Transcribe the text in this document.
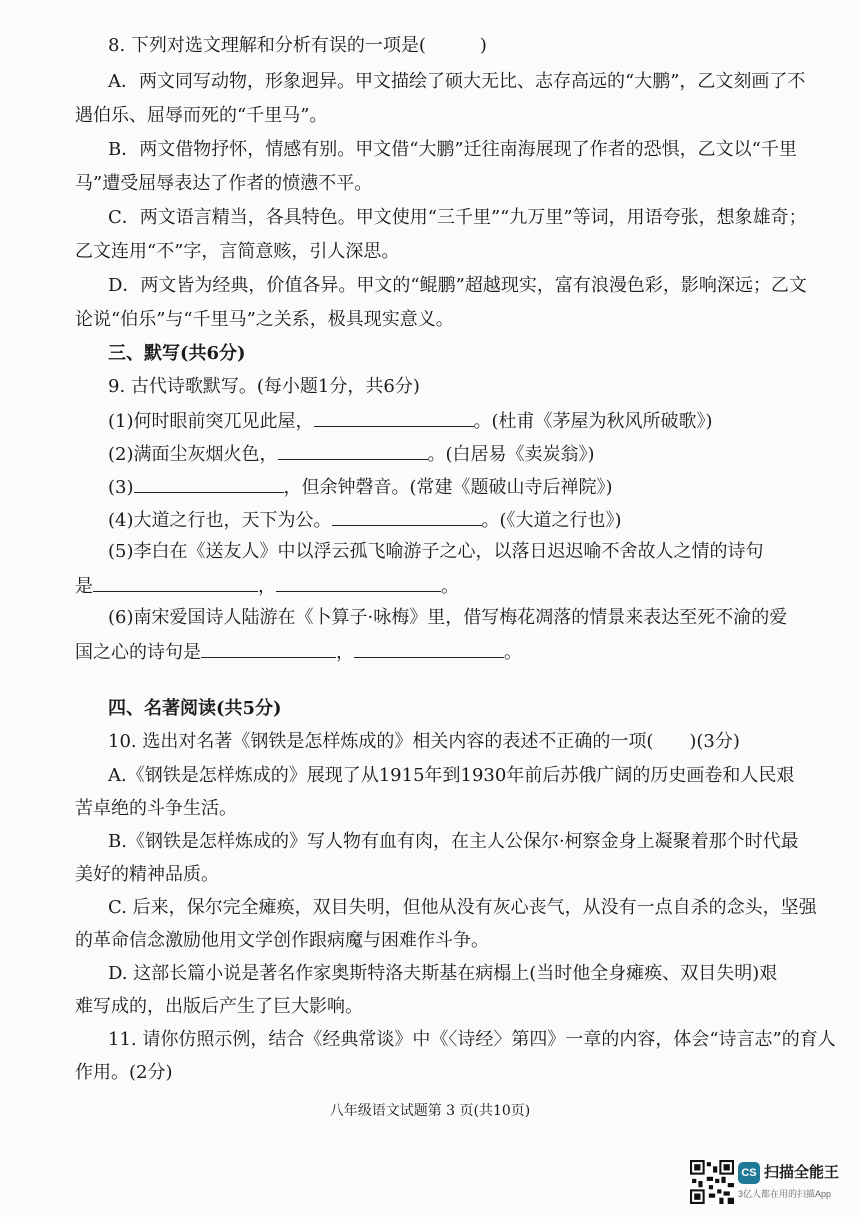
8. 下列对选文理解和分析有误的一项是(　　　)
A．两文同写动物，形象迥异。甲文描绘了硕大无比、志存高远的“大鹏”，乙文刻画了不
遇伯乐、屈辱而死的“千里马”。
B．两文借物抒怀，情感有别。甲文借“大鹏”迁往南海展现了作者的恐惧，乙文以“千里
马”遭受屈辱表达了作者的愤懑不平。
C．两文语言精当，各具特色。甲文使用“三千里”“九万里”等词，用语夸张，想象雄奇；
乙文连用“不”字，言简意赅，引人深思。
D．两文皆为经典，价值各异。甲文的“鲲鹏”超越现实，富有浪漫色彩，影响深远；乙文
论说“伯乐”与“千里马”之关系，极具现实意义。
三、默写(共6分)
9. 古代诗歌默写。(每小题1分，共6分)
(1)何时眼前突兀见此屋，	。(杜甫《茅屋为秋风所破歌》)
(2)满面尘灰烟火色，	。(白居易《卖炭翁》)
(3)	，但余钟磬音。(常建《题破山寺后禅院》)
(4)大道之行也，天下为公。	。(《大道之行也》)
(5)李白在《送友人》中以浮云孤飞喻游子之心，以落日迟迟喻不舍故人之情的诗句
是	，	。
(6)南宋爱国诗人陆游在《卜算子·咏梅》里，借写梅花凋落的情景来表达至死不渝的爱
国之心的诗句是	，	。
四、名著阅读(共5分)
10. 选出对名著《钢铁是怎样炼成的》相关内容的表述不正确的一项(　　)(3分)
A.《钢铁是怎样炼成的》展现了从1915年到1930年前后苏俄广阔的历史画卷和人民艰
苦卓绝的斗争生活。
B.《钢铁是怎样炼成的》写人物有血有肉，在主人公保尔·柯察金身上凝聚着那个时代最
美好的精神品质。
C. 后来，保尔完全瘫痪，双目失明，但他从没有灰心丧气，从没有一点自杀的念头，坚强
的革命信念激励他用文学创作跟病魔与困难作斗争。
D. 这部长篇小说是著名作家奥斯特洛夫斯基在病榻上(当时他全身瘫痪、双目失明)艰
难写成的，出版后产生了巨大影响。
11. 请你仿照示例，结合《经典常谈》中《〈诗经〉第四》一章的内容，体会“诗言志”的育人
作用。(2分)
八年级语文试题第 3 页(共10页)
CS 扫描全能王
3亿人都在用的扫描App
